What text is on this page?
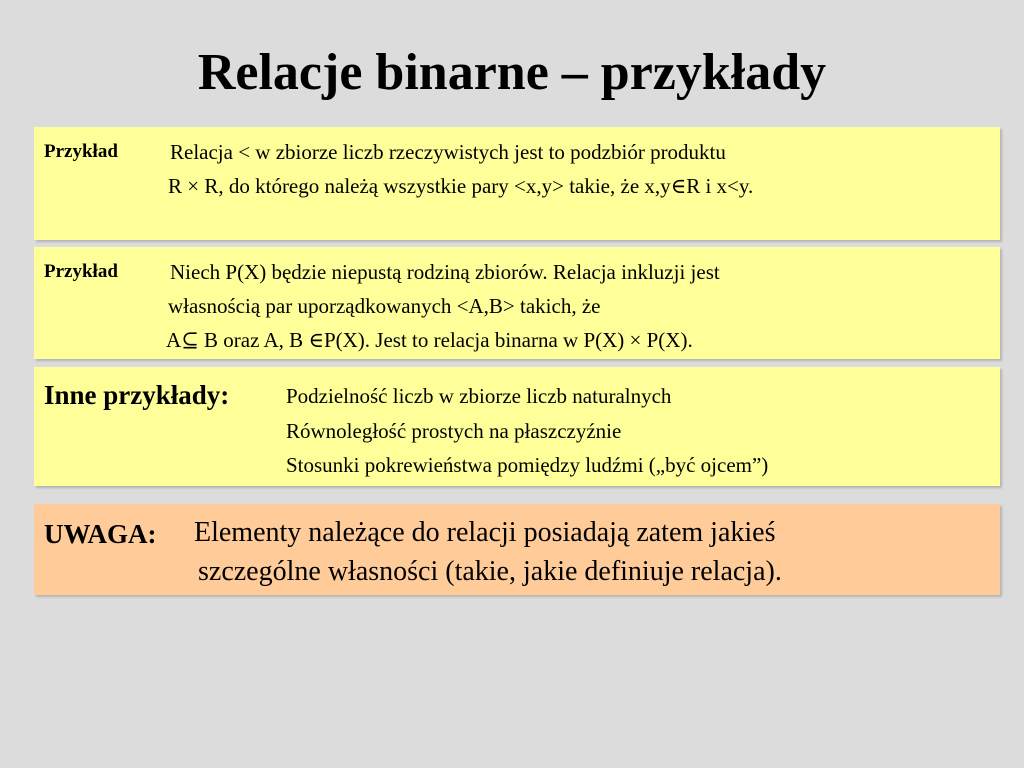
Relacje binarne – przykłady
Przykład Relacja < w zbiorze liczb rzeczywistych jest to podzbiór produktu
R × R, do którego należą wszystkie pary <x,y> takie, że x,y∈R i x<y.
Przykład Niech P(X) będzie niepustą rodziną zbiorów. Relacja inkluzji jest
własnością par uporządkowanych <A,B> takich, że
A⊆ B oraz A, B ∈P(X). Jest to relacja binarna w P(X) × P(X).
Inne przykłady:	Podzielność liczb w zbiorze liczb naturalnych
Równoległość prostych na płaszczyźnie
Stosunki pokrewieństwa pomiędzy ludźmi („być ojcem”)
UWAGA: Elementy należące do relacji posiadają zatem jakieś
szczególne własności (takie, jakie definiuje relacja).
